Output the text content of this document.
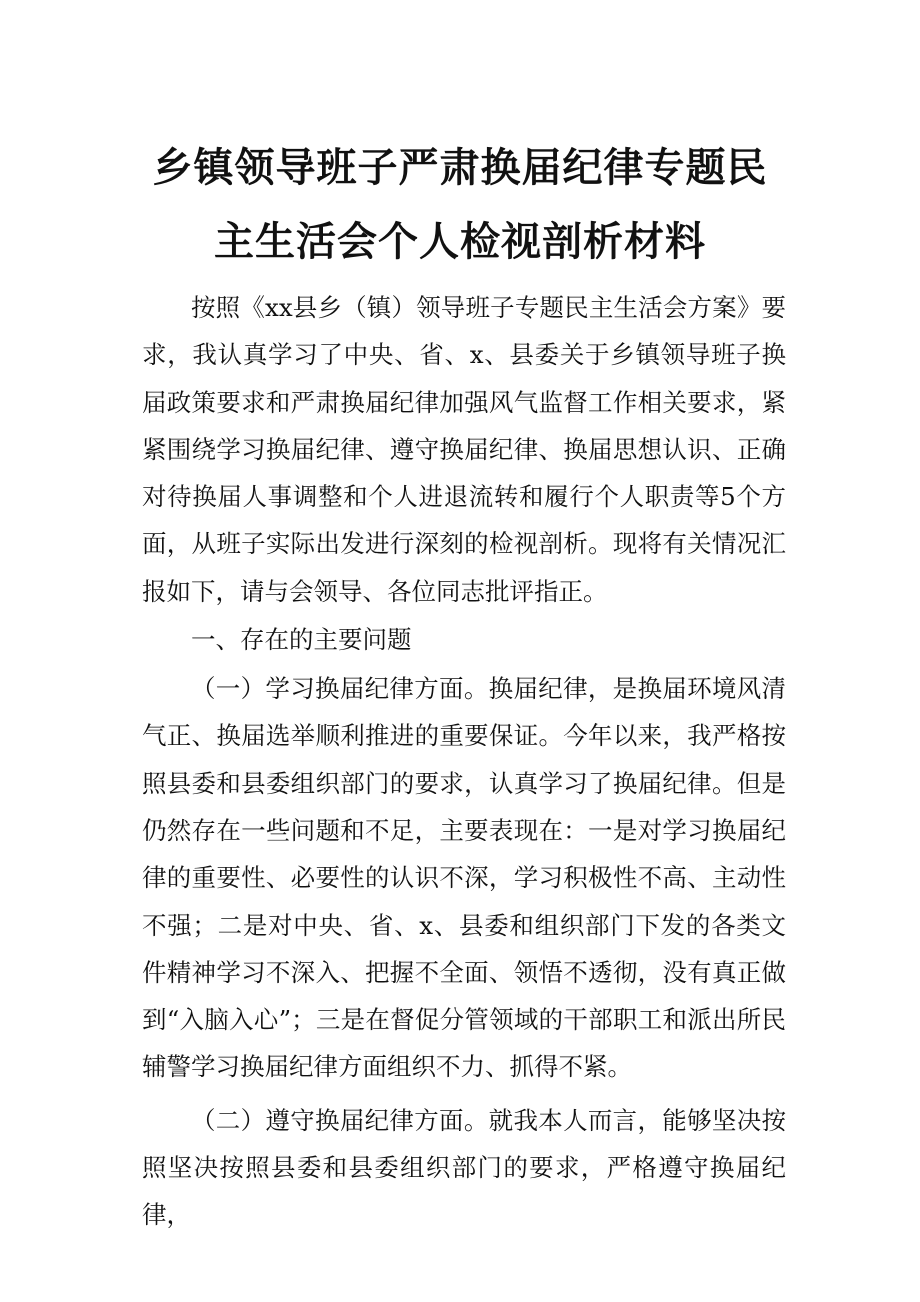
乡镇领导班子严肃换届纪律专题民
主生活会个人检视剖析材料

按照《xx县乡（镇）领导班子专题民主生活会方案》要求，我认真学习了中央、省、x、县委关于乡镇领导班子换届政策要求和严肃换届纪律加强风气监督工作相关要求，紧紧围绕学习换届纪律、遵守换届纪律、换届思想认识、正确对待换届人事调整和个人进退流转和履行个人职责等5个方面，从班子实际出发进行深刻的检视剖析。现将有关情况汇报如下，请与会领导、各位同志批评指正。

一、存在的主要问题

（一）学习换届纪律方面。换届纪律，是换届环境风清气正、换届选举顺利推进的重要保证。今年以来，我严格按照县委和县委组织部门的要求，认真学习了换届纪律。但是仍然存在一些问题和不足，主要表现在：一是对学习换届纪律的重要性、必要性的认识不深，学习积极性不高、主动性不强；二是对中央、省、x、县委和组织部门下发的各类文件精神学习不深入、把握不全面、领悟不透彻，没有真正做到“入脑入心”；三是在督促分管领域的干部职工和派出所民辅警学习换届纪律方面组织不力、抓得不紧。

（二）遵守换届纪律方面。就我本人而言，能够坚决按照坚决按照县委和县委组织部门的要求，严格遵守换届纪律，
